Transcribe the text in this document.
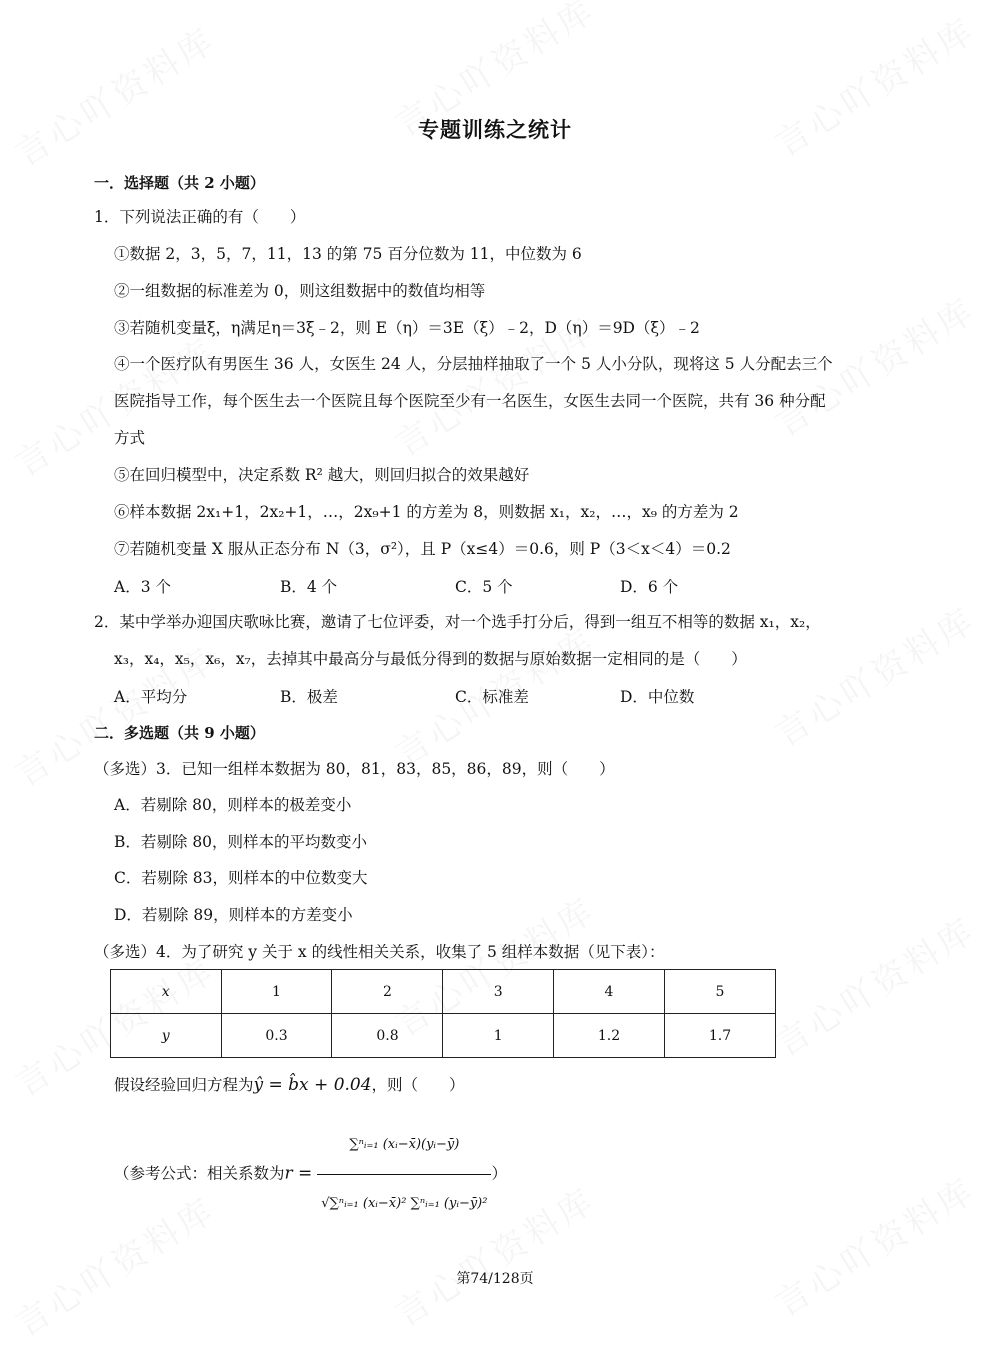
专题训练之统计
一．选择题（共 2 小题）
1．下列说法正确的有（　　）
①数据 2，3，5，7，11，13 的第 75 百分位数为 11，中位数为 6
②一组数据的标准差为 0，则这组数据中的数值均相等
③若随机变量ξ，η满足η＝3ξ﹣2，则 E（η）＝3E（ξ）﹣2，D（η）＝9D（ξ）﹣2
④一个医疗队有男医生 36 人，女医生 24 人，分层抽样抽取了一个 5 人小分队，现将这 5 人分配去三个
医院指导工作，每个医生去一个医院且每个医院至少有一名医生，女医生去同一个医院，共有 36 种分配
方式
⑤在回归模型中，决定系数 R² 越大，则回归拟合的效果越好
⑥样本数据 2x₁+1，2x₂+1，…，2x₉+1 的方差为 8，则数据 x₁，x₂，…，x₉ 的方差为 2
⑦若随机变量 X 服从正态分布 N（3，σ²），且 P（x≤4）＝0.6，则 P（3＜x＜4）＝0.2
A．3 个	B．4 个	C．5 个	D．6 个
2．某中学举办迎国庆歌咏比赛，邀请了七位评委，对一个选手打分后，得到一组互不相等的数据 x₁，x₂，
x₃，x₄，x₅，x₆，x₇，去掉其中最高分与最低分得到的数据与原始数据一定相同的是（　　）
A．平均分	B．极差	C．标准差	D．中位数
二．多选题（共 9 小题）
（多选）3．已知一组样本数据为 80，81，83，85，86，89，则（　　）
A．若剔除 80，则样本的极差变小
B．若剔除 80，则样本的平均数变小
C．若剔除 83，则样本的中位数变大
D．若剔除 89，则样本的方差变小
（多选）4．为了研究 y 关于 x 的线性相关关系，收集了 5 组样本数据（见下表）：
x	1	2	3	4	5
y	0.3	0.8	1	1.2	1.7
假设经验回归方程为ŷ = b̂x + 0.04，则（　　）
（参考公式：相关系数为$r = \frac{\text{∑ⁿᵢ₌₁ (xᵢ−x̄)(yᵢ−ȳ)}}{\text{√∑ⁿᵢ₌₁ (xᵢ−x̄)² ∑ⁿᵢ₌₁ (yᵢ−ȳ)²}}$ ）
第74/128页
